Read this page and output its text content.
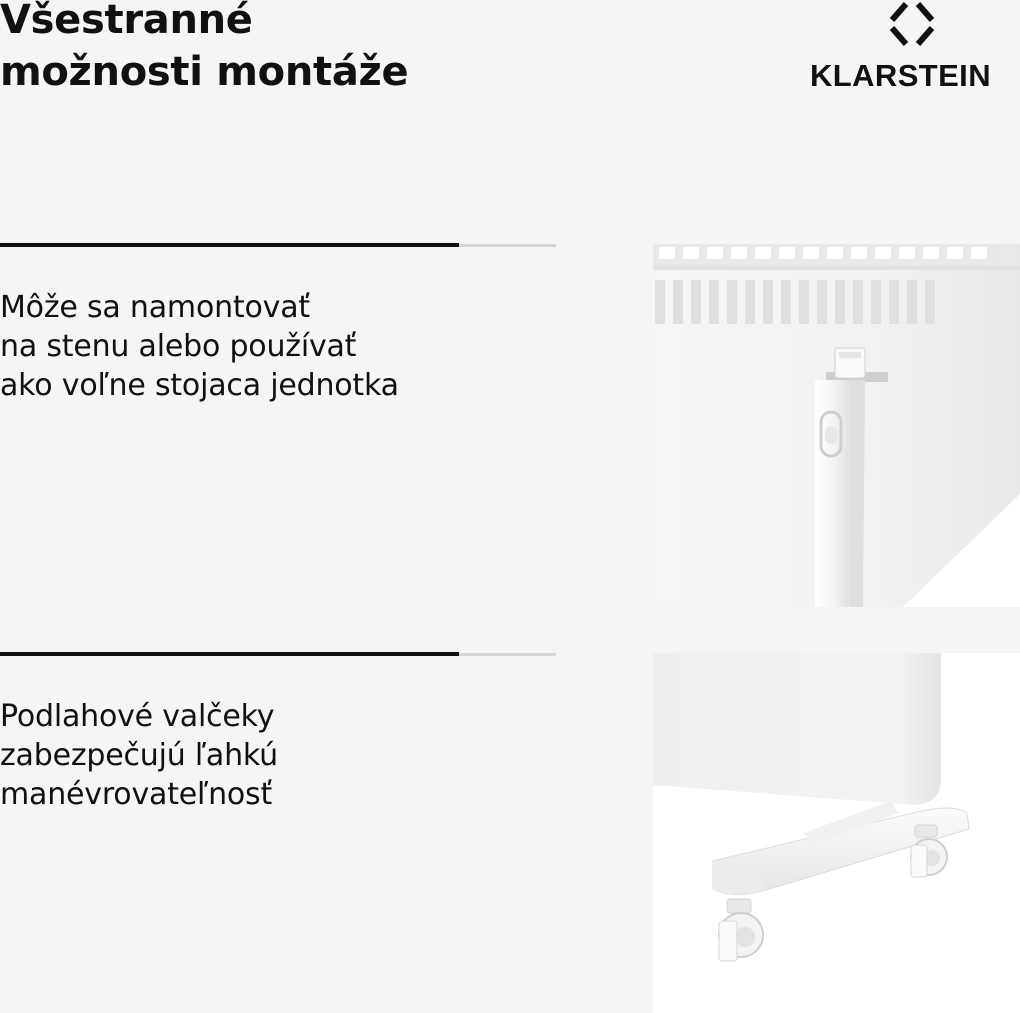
Všestranné
možnosti montáže	KLARSTEIN

Môže sa namontovať
na stenu alebo používať
ako voľne stojaca jednotka

Podlahové valčeky
zabezpečujú ľahkú
manévrovateľnosť
